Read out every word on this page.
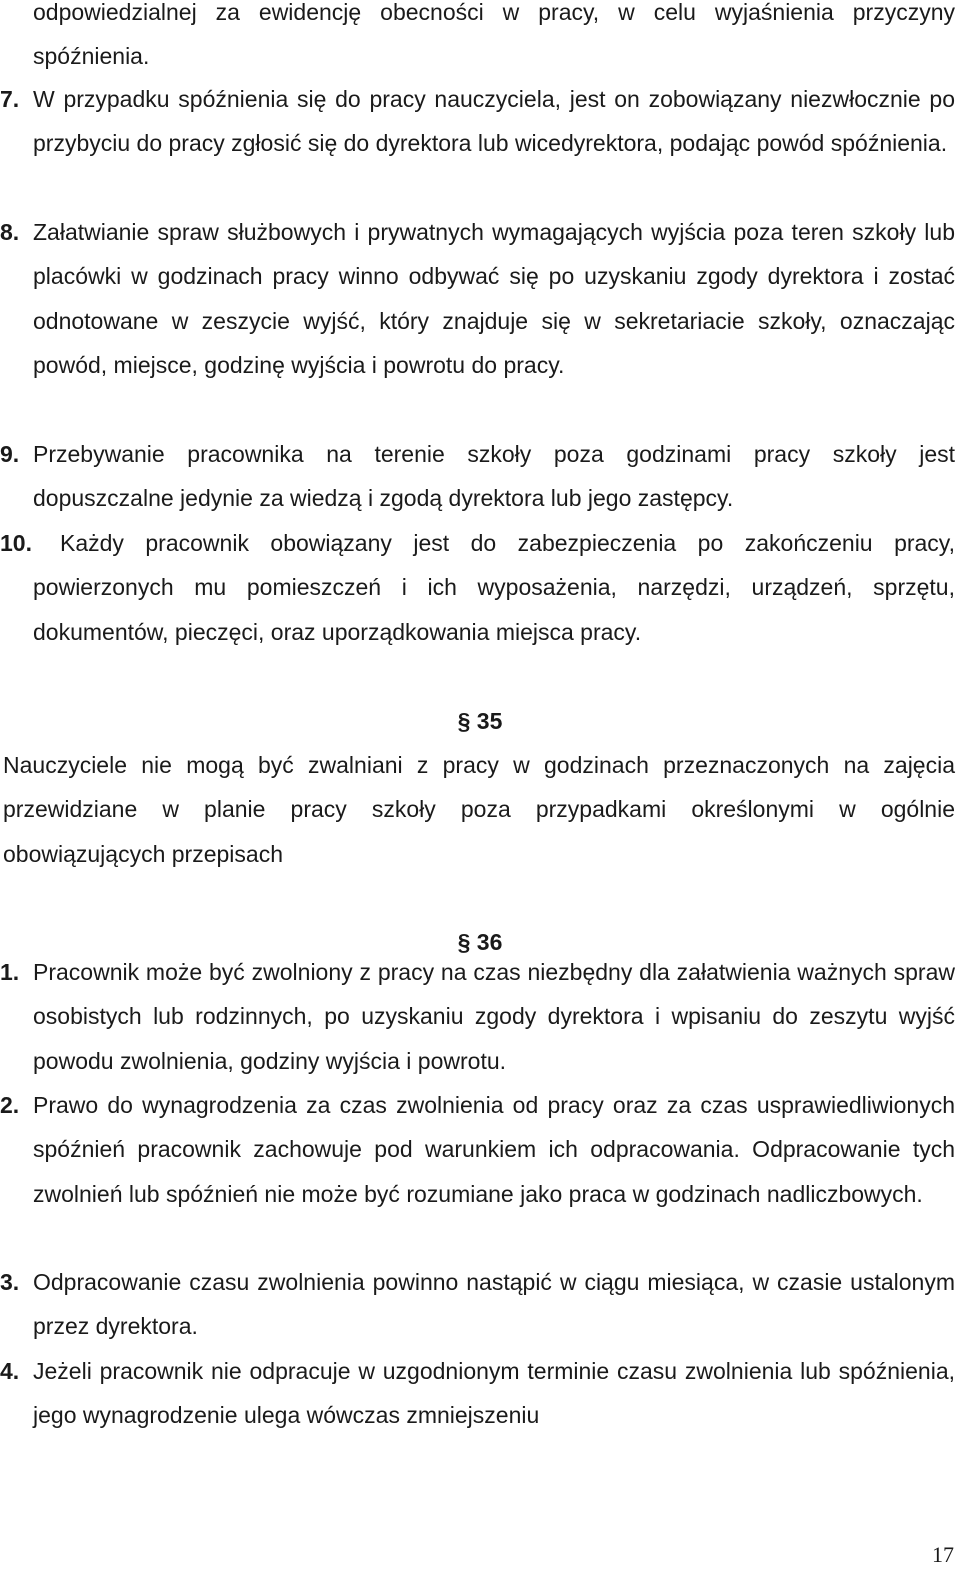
odpowiedzialnej za ewidencję obecności w pracy, w celu wyjaśnienia przyczyny spóźnienia.
7. W przypadku spóźnienia się do pracy nauczyciela, jest on zobowiązany niezwłocznie po przybyciu do pracy zgłosić się do dyrektora lub wicedyrektora, podając powód spóźnienia.
8. Załatwianie spraw służbowych i prywatnych wymagających wyjścia poza teren szkoły lub placówki w godzinach pracy winno odbywać się po uzyskaniu zgody dyrektora i zostać odnotowane w zeszycie wyjść, który znajduje się w sekretariacie szkoły, oznaczając powód, miejsce, godzinę wyjścia i powrotu do pracy.
9. Przebywanie pracownika na terenie szkoły poza godzinami pracy szkoły jest dopuszczalne jedynie za wiedzą i zgodą dyrektora lub jego zastępcy.
10. Każdy pracownik obowiązany jest do zabezpieczenia po zakończeniu pracy, powierzonych mu pomieszczeń i ich wyposażenia, narzędzi, urządzeń, sprzętu, dokumentów, pieczęci, oraz uporządkowania miejsca pracy.
§ 35
Nauczyciele nie mogą być zwalniani z pracy w godzinach przeznaczonych na zajęcia przewidziane w planie pracy szkoły poza przypadkami określonymi w ogólnie obowiązujących przepisach
§ 36
1. Pracownik może być zwolniony z pracy na czas niezbędny dla załatwienia ważnych spraw osobistych lub rodzinnych, po uzyskaniu zgody dyrektora i wpisaniu do zeszytu wyjść powodu zwolnienia, godziny wyjścia i powrotu.
2. Prawo do wynagrodzenia za czas zwolnienia od pracy oraz za czas usprawiedliwionych spóźnień pracownik zachowuje pod warunkiem ich odpracowania. Odpracowanie tych zwolnień lub spóźnień nie może być rozumiane jako praca w godzinach nadliczbowych.
3. Odpracowanie czasu zwolnienia powinno nastąpić w ciągu miesiąca, w czasie ustalonym przez dyrektora.
4. Jeżeli pracownik nie odpracuje w uzgodnionym terminie czasu zwolnienia lub spóźnienia, jego wynagrodzenie ulega wówczas zmniejszeniu
17
